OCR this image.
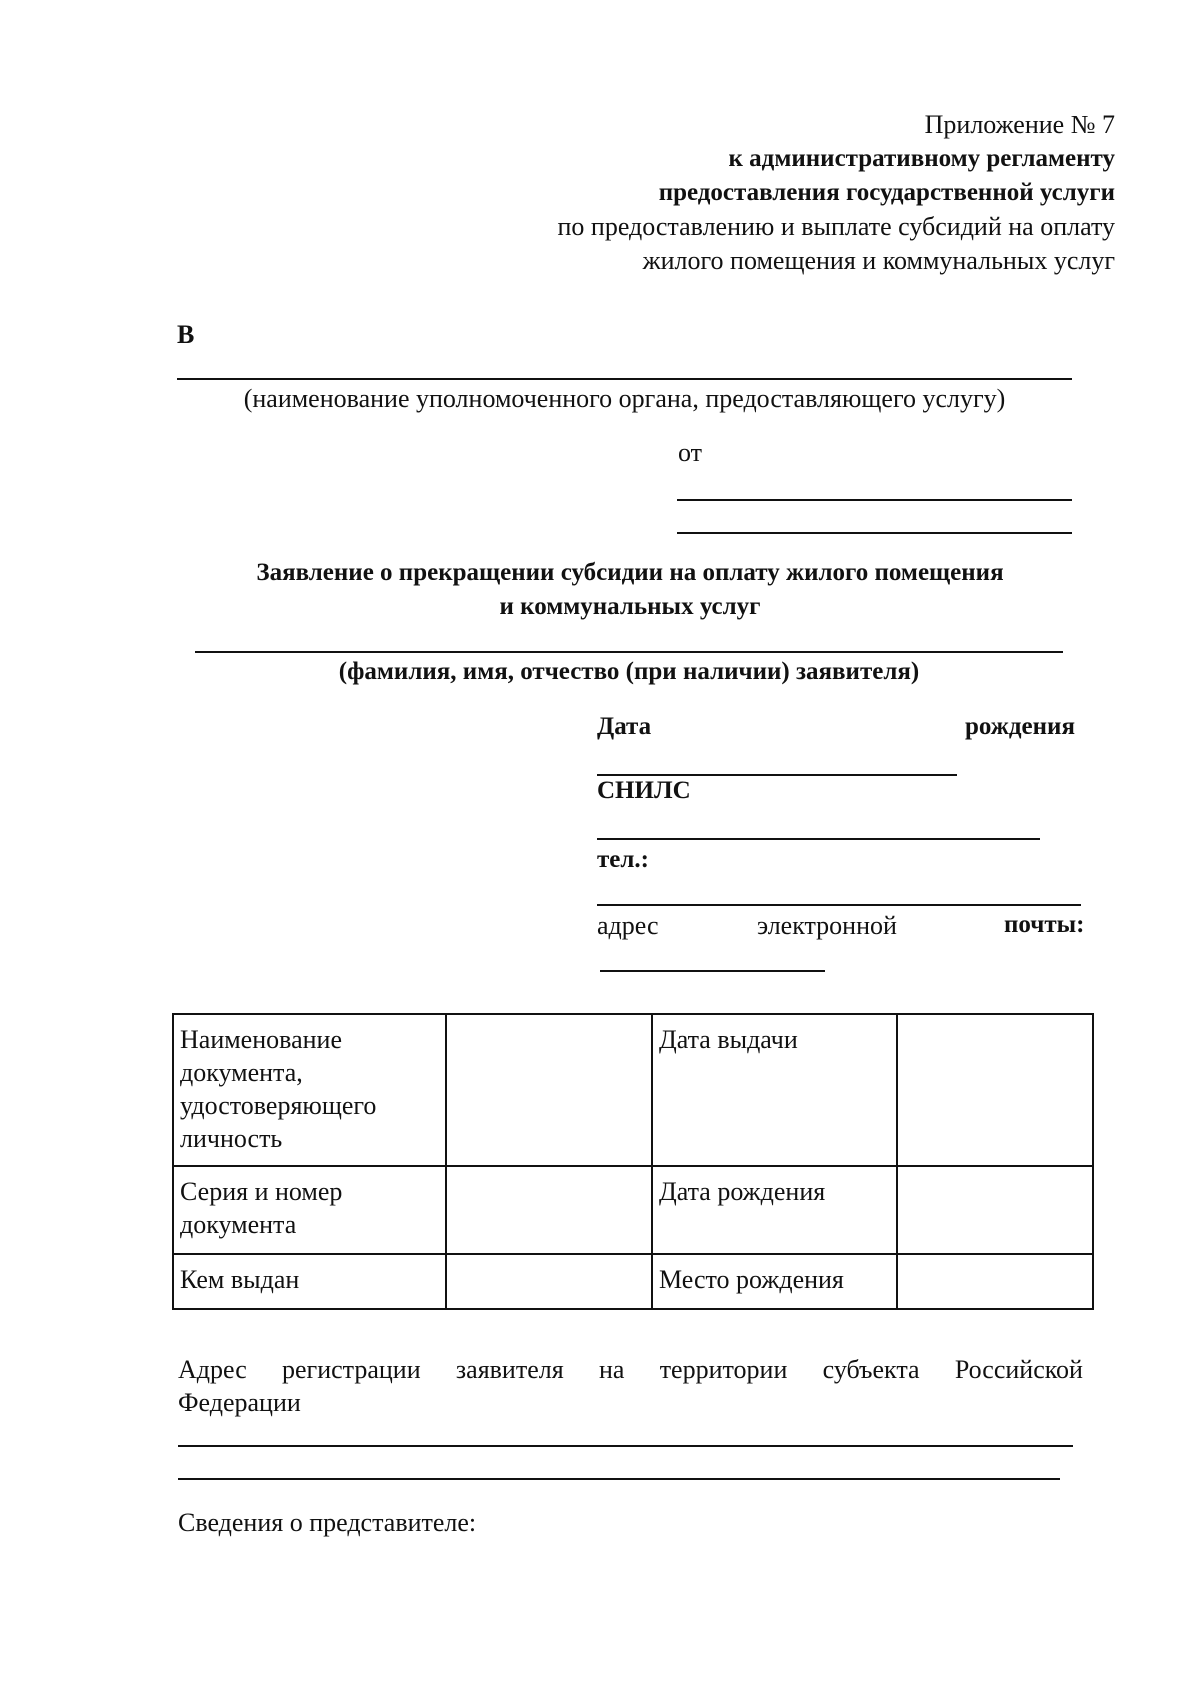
Приложение № 7
к административному регламенту
предоставления государственной услуги
по предоставлению и выплате субсидий на оплату
жилого помещения и коммунальных услуг
В
(наименование уполномоченного органа, предоставляющего услугу)
от
Заявление о прекращении субсидии на оплату жилого помещения
и коммунальных услуг
(фамилия, имя, отчество (при наличии) заявителя)
Дата	рождения
СНИЛС
тел.:
адрес	электронной	почты:
Наименование документа, удостоверяющего личность		Дата выдачи	
Серия и номер документа		Дата рождения	
Кем выдан		Место рождения	
Адрес регистрации заявителя на территории субъекта Российской
Федерации
Сведения о представителе:
